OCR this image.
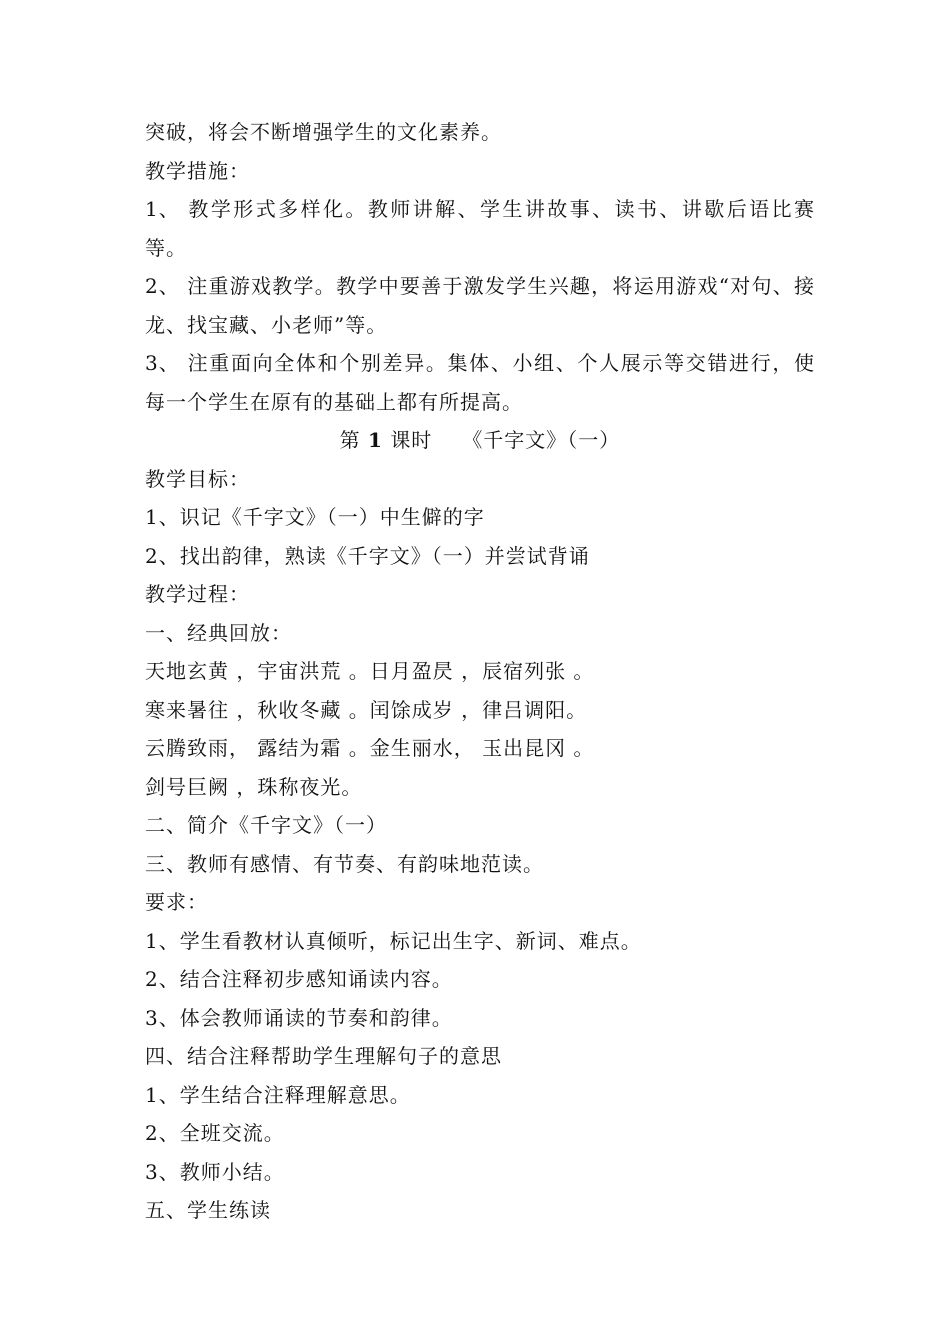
突破，将会不断增强学生的文化素养。
教学措施：
1、 教学形式多样化。教师讲解、学生讲故事、读书、讲歇后语比赛等。
2、 注重游戏教学。教学中要善于激发学生兴趣，将运用游戏“对句、接龙、找宝藏、小老师”等。
3、 注重面向全体和个别差异。集体、小组、个人展示等交错进行，使每一个学生在原有的基础上都有所提高。
第 1 课时 《千字文》（一）
教学目标：
1、识记《千字文》（一）中生僻的字
2、找出韵律，熟读《千字文》（一）并尝试背诵
教学过程：
一、经典回放：
天地玄黄 ，宇宙洪荒 。日月盈昃 ，辰宿列张 。
寒来暑往 ，秋收冬藏 。闰馀成岁 ，律吕调阳。
云腾致雨， 露结为霜 。金生丽水， 玉出昆冈 。
剑号巨阙 ，珠称夜光。
二、简介《千字文》（一）
三、教师有感情、有节奏、有韵味地范读。
要求：
1、学生看教材认真倾听，标记出生字、新词、难点。
2、结合注释初步感知诵读内容。
3、体会教师诵读的节奏和韵律。
四、结合注释帮助学生理解句子的意思
1、学生结合注释理解意思。
2、全班交流。
3、教师小结。
五、学生练读
